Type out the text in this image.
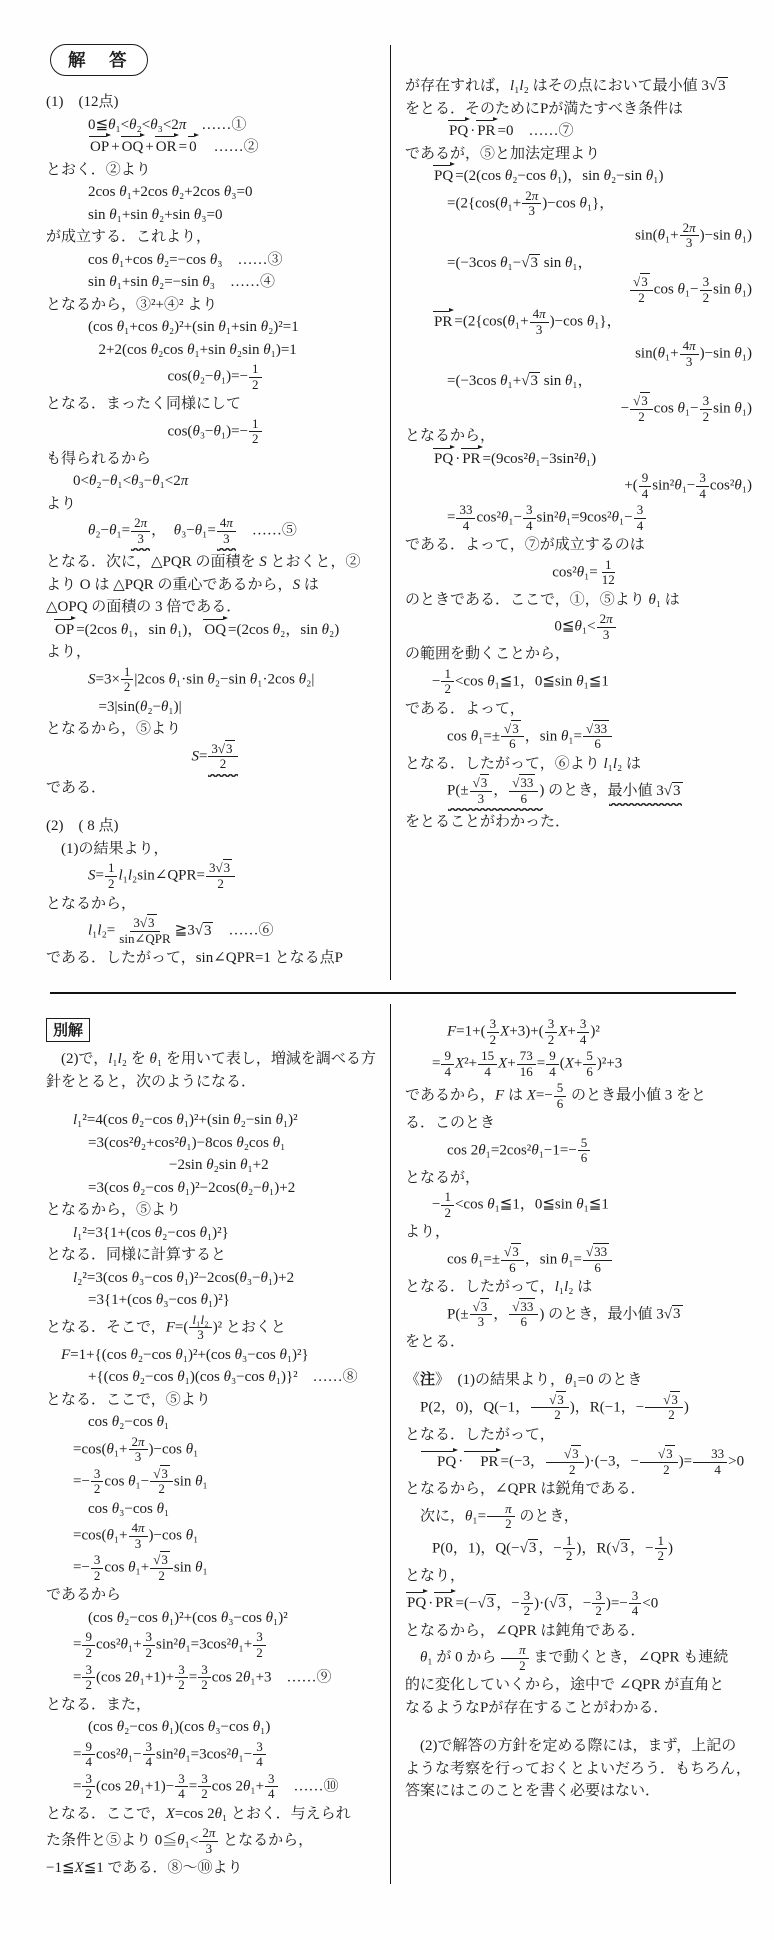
解　答
(1)　(12点)
0≦θ₁<θ₂<θ₃<2π　……①
OP + OQ + OR = 0　……②
とおく．②より
2cos θ₁+2cos θ₂+2cos θ₃=0
sin θ₁+sin θ₂+sin θ₃=0
が成立する．これより，
cos θ₁+cos θ₂=−cos θ₃　……③
sin θ₁+sin θ₂=−sin θ₃　……④
となるから，③²+④² より
(cos θ₁+cos θ₂)²+(sin θ₁+sin θ₂)²=1
2+2(cos θ₂cos θ₁+sin θ₂sin θ₁)=1
$\cos(\theta_2-\theta_1)=- \frac{1}{2}$
となる．まったく同様にして
$\cos(\theta_3-\theta_1)=- \frac{1}{2}$
も得られるから
0<θ₂−θ₁<θ₃−θ₁<2π
より
$\theta_2-\theta_1= \frac{2\pi}{3}$ ，　$\theta_3-\theta_1= \frac{4\pi}{3}$ 　……⑤
となる．次に，△PQR の面積を S とおくと，②
より O は △PQR の重心であるから，S は
△OPQ の面積の 3 倍である．
OP =(2cos θ₁，sin θ₁)， OQ =(2cos θ₂，sin θ₂)
より，
$S=3\times \frac{1}{2} |2\cos$ θ₁·sin θ₂−sin θ₁·2cos θ₂|
=3|sin(θ₂−θ₁)|
となるから，⑤より
$S= \frac{3√3}{2}$
である．
(2)　( 8 点)
(1)の結果より，
$S= \frac{1}{2}$ l₁l₂sin∠QPR= $\frac{3√3}{2}$
となるから，
l₁l₂= 3√3
sin∠QPR ≧3√3　……⑥
である．したがって，sin∠QPR=1 となる点P
が存在すれば，l₁l₂ はその点において最小値 3√3
をとる．そのためにPが満たすべき条件は
PQ · PR =0　……⑦
であるが，⑤と加法定理より
PQ =(2(cos θ₂−cos θ₁)，sin θ₂−sin θ₁)
$=(2\{\cos(\theta_1+ \frac{2\pi}{3} )-\cos$ θ₁}，
$\sin(\theta_1+ \frac{2\pi}{3} )-\sin$ θ₁)
=(−3cos θ₁−√3 sin θ₁，
$\frac{√3}{2}$ $\cos \theta_1- \frac{3}{2}$ sin θ₁)
PR $=(2\{\cos(\theta_1+ \frac{4\pi}{3} )-\cos$ θ₁}，
$\sin(\theta_1+ \frac{4\pi}{3} )-\sin$ θ₁)
=(−3cos θ₁+√3 sin θ₁，
− $\frac{√3}{2}$ $\cos \theta_1- \frac{3}{2}$ sin θ₁)
となるから，
PQ · PR =(9cos²θ₁−3sin²θ₁)
+( $\frac{9}{4} \sin^2\theta_1- \frac{3}{4} \cos^2\theta_1$)
= $\frac{33}{4} \cos^2\theta_1- \frac{3}{4} \sin^2\theta_1=9\cos^2\theta_1- \frac{3}{4}$
である．よって，⑦が成立するのは
$\cos^2\theta_1= \frac{1}{12}$
のときである．ここで，①，⑤より θ₁ は
0≦θ₁< $\frac{2\pi}{3}$
の範囲を動くことから，
− $\frac{1}{2} <\cos$ θ₁≦1，0≦sin θ₁≦1
である．よって，
$\cos \theta_1=\pm \frac{√3}{6}$ ，$\sin \theta_1= \frac{√33}{6}$
となる．したがって，⑥より l₁l₂ は
$P(\pm \frac{√3}{3}$ ， $\frac{√33}{6}$ ) のとき，最小値 3√3
をとることがわかった．
別解
(2)で，l₁l₂ を θ₁ を用いて表し，増減を調べる方
針をとると，次のようになる．
l₁²=4(cos θ₂−cos θ₁)²+(sin θ₂−sin θ₁)²
=3(cos²θ₂+cos²θ₁)−8cos θ₂cos θ₁
−2sin θ₂sin θ₁+2
=3(cos θ₂−cos θ₁)²−2cos(θ₂−θ₁)+2
となるから，⑤より
l₁²=3{1+(cos θ₂−cos θ₁)²}
となる．同様に計算すると
l₂²=3(cos θ₃−cos θ₁)²−2cos(θ₃−θ₁)+2
=3{1+(cos θ₃−cos θ₁)²}
となる．そこで，$F=( \frac{\text{l₁l₂}}{3} )^2$ とおくと
F=1+{(cos θ₂−cos θ₁)²+(cos θ₃−cos θ₁)²}
+{(cos θ₂−cos θ₁)(cos θ₃−cos θ₁)}²　……⑧
となる．ここで，⑤より
cos θ₂−cos θ₁
$=\cos(\theta_1+ \frac{2\pi}{3} )-\cos$ θ₁
=− $\frac{3}{2}$ $\cos \theta_1- \frac{√3}{2}$ sin θ₁
cos θ₃−cos θ₁
$=\cos(\theta_1+ \frac{4\pi}{3} )-\cos$ θ₁
=− $\frac{3}{2}$ $\cos \theta_1+ \frac{√3}{2}$ sin θ₁
であるから
(cos θ₂−cos θ₁)²+(cos θ₃−cos θ₁)²
= $\frac{9}{2} \cos^2\theta_1+ \frac{3}{2} \sin^2\theta_1=3\cos^2\theta_1+ \frac{3}{2}$
= $\frac{3}{2} (\cos$ $2\theta_1+1)+ \frac{3}{2} = \frac{3}{2}$ cos 2θ₁+3　……⑨
となる．また，
(cos θ₂−cos θ₁)(cos θ₃−cos θ₁)
= $\frac{9}{4} \cos^2\theta_1- \frac{3}{4} \sin^2\theta_1=3\cos^2\theta_1- \frac{3}{4}$
= $\frac{3}{2} (\cos$ $2\theta_1+1)- \frac{3}{4} = \frac{3}{2}$ $\cos 2\theta_1+ \frac{3}{4}$ 　……⑩
となる．ここで，X=cos 2θ₁ とおく．与えられ
た条件と⑤より 0≦θ₁< $\frac{2\pi}{3}$ となるから，
−1≦X≦1 である．⑧〜⑩より
$F=1+( \frac{3}{2} X+3)+( \frac{3}{2} X+ \frac{3}{4} )^2$
= $\frac{9}{4} X^2+ \frac{15}{4} X+ \frac{73}{16} = \frac{9}{4} (X+ \frac{5}{6} )^2+3$
であるから，F は $X=- \frac{5}{6}$ のとき最小値 3 をと
る．このとき
$\cos 2\theta_1=2\cos^2\theta_1-1=- \frac{5}{6}$
となるが，
− $\frac{1}{2} <\cos$ θ₁≦1，0≦sin θ₁≦1
より，
$\cos \theta_1=\pm \frac{√3}{6}$ ，$\sin \theta_1= \frac{√33}{6}$
となる．したがって，l₁l₂ は
$P(\pm \frac{√3}{3}$ ， $\frac{√33}{6}$ ) のとき，最小値 3√3
をとる．
《注》　(1)の結果より，θ₁=0 のとき
P(2，0)，Q(−1， $\frac{√3}{2}$ )，R(−1，− $\frac{√3}{2}$ )
となる．したがって，
PQ · PR =(−3， $\frac{√3}{2} )\cdot(-3$，− $\frac{√3}{2}$ )= $\frac{33}{4} >0$
となるから，∠QPR は鋭角である．
次に，$\theta_1= \frac{\pi}{2}$ のとき，
P(0，1)，Q(−√3 ，− $\frac{1}{2}$ )，R(√3 ，− $\frac{1}{2}$ )
となり，
PQ · PR =(−√3 ，− $\frac{3}{2} )\cdot(√3$ ，− $\frac{3}{2}$ )=− $\frac{3}{4} <0$
となるから，∠QPR は鈍角である．
θ₁ が 0 から $\frac{\pi}{2}$ まで動くとき，∠QPR も連続
的に変化していくから，途中で ∠QPR が直角と
なるようなPが存在することがわかる．
(2)で解答の方針を定める際には，まず，上記の
ような考察を行っておくとよいだろう．もちろん，
答案にはこのことを書く必要はない．
